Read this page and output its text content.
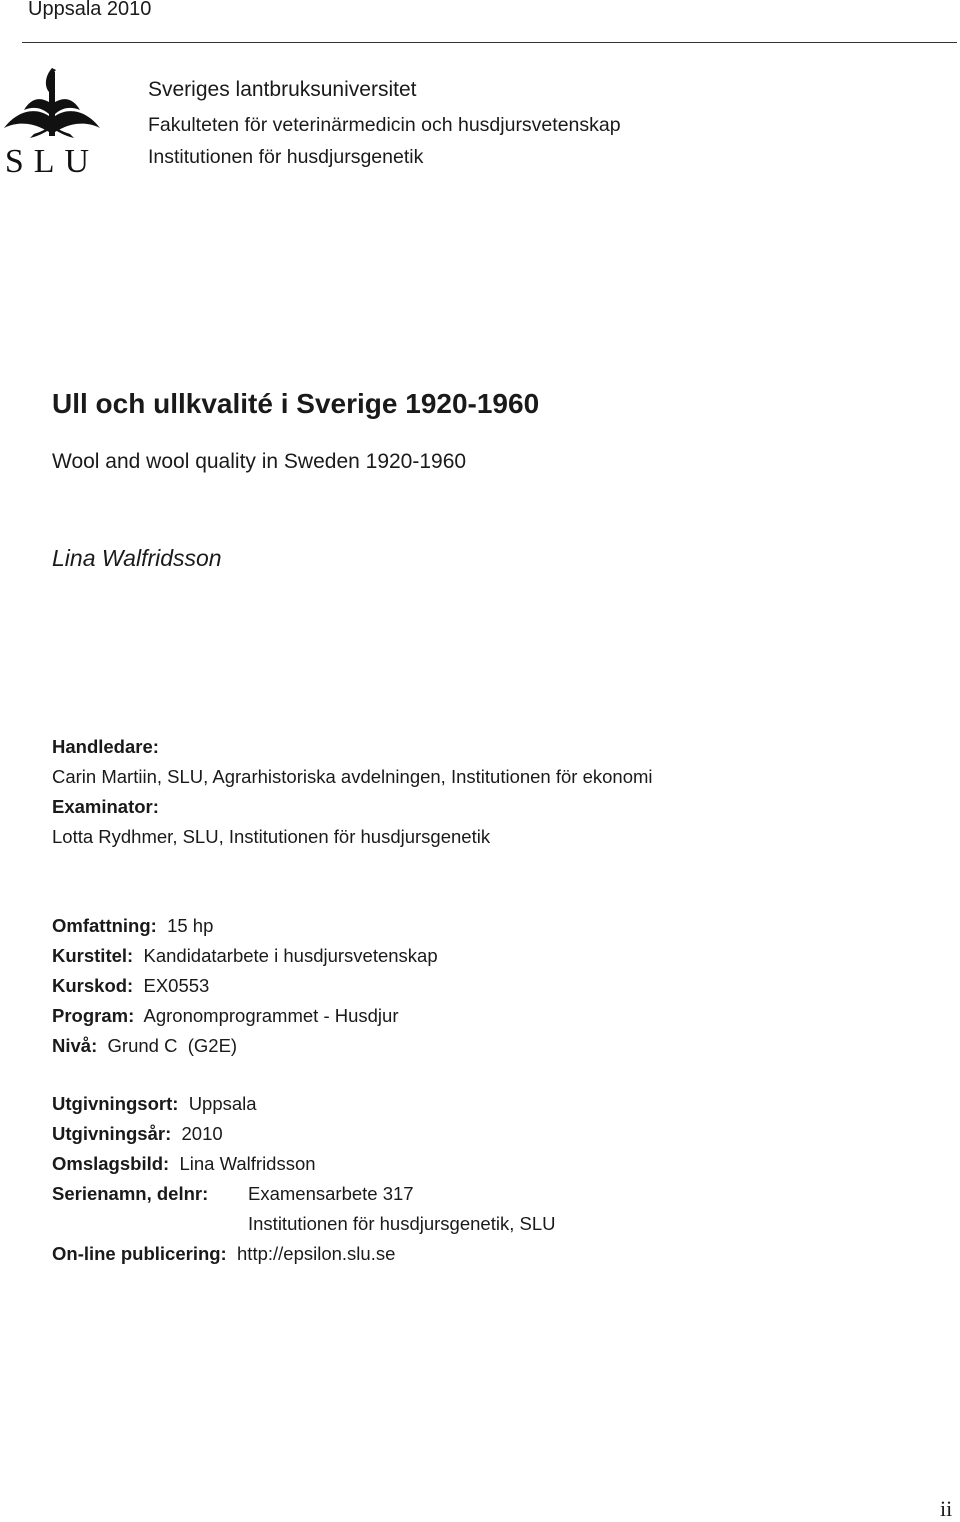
Uppsala 2010
SLU
Sveriges lantbruksuniversitet
Fakulteten för veterinärmedicin och husdjursvetenskap
Institutionen för husdjursgenetik
Ull och ullkvalité i Sverige 1920-1960
Wool and wool quality in Sweden 1920-1960
Lina Walfridsson
Handledare:
Carin Martiin, SLU, Agrarhistoriska avdelningen, Institutionen för ekonomi
Examinator:
Lotta Rydhmer, SLU, Institutionen för husdjursgenetik
Omfattning: 15 hp
Kurstitel: Kandidatarbete i husdjursvetenskap
Kurskod: EX0553
Program: Agronomprogrammet - Husdjur
Nivå: Grund C  (G2E)
Utgivningsort: Uppsala
Utgivningsår: 2010
Omslagsbild: Lina Walfridsson
Serienamn, delnr: Examensarbete 317
Institutionen för husdjursgenetik, SLU
On-line publicering: http://epsilon.slu.se
ii
